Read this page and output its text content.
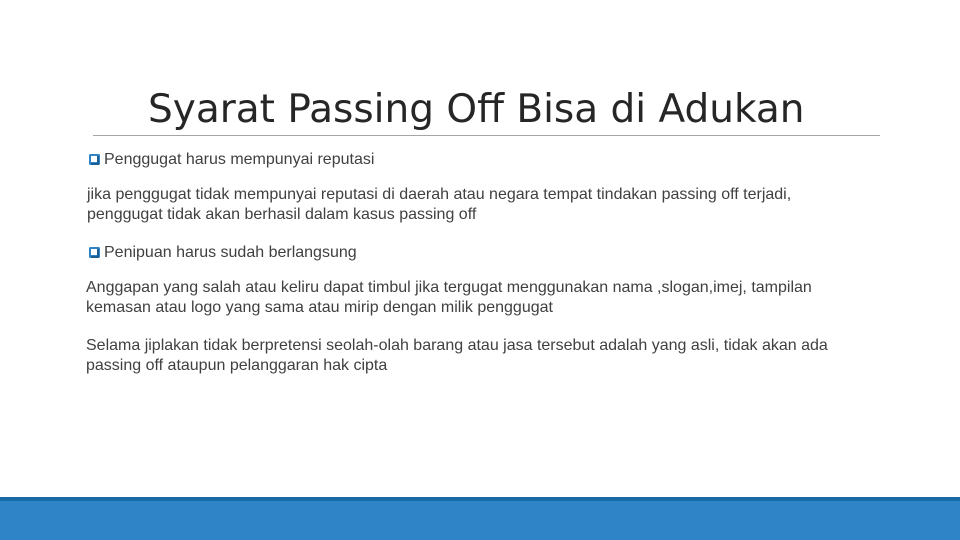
Syarat Passing Off Bisa di Adukan
Penggugat harus mempunyai reputasi

jika penggugat tidak mempunyai reputasi di daerah atau negara tempat tindakan passing off terjadi, penggugat tidak akan berhasil dalam kasus passing off

Penipuan harus sudah berlangsung

Anggapan yang salah atau keliru dapat timbul jika tergugat menggunakan nama ,slogan,imej, tampilan kemasan atau logo yang sama atau mirip dengan milik penggugat

Selama jiplakan tidak berpretensi seolah-olah barang atau jasa tersebut adalah yang asli, tidak akan ada passing off ataupun pelanggaran hak cipta
